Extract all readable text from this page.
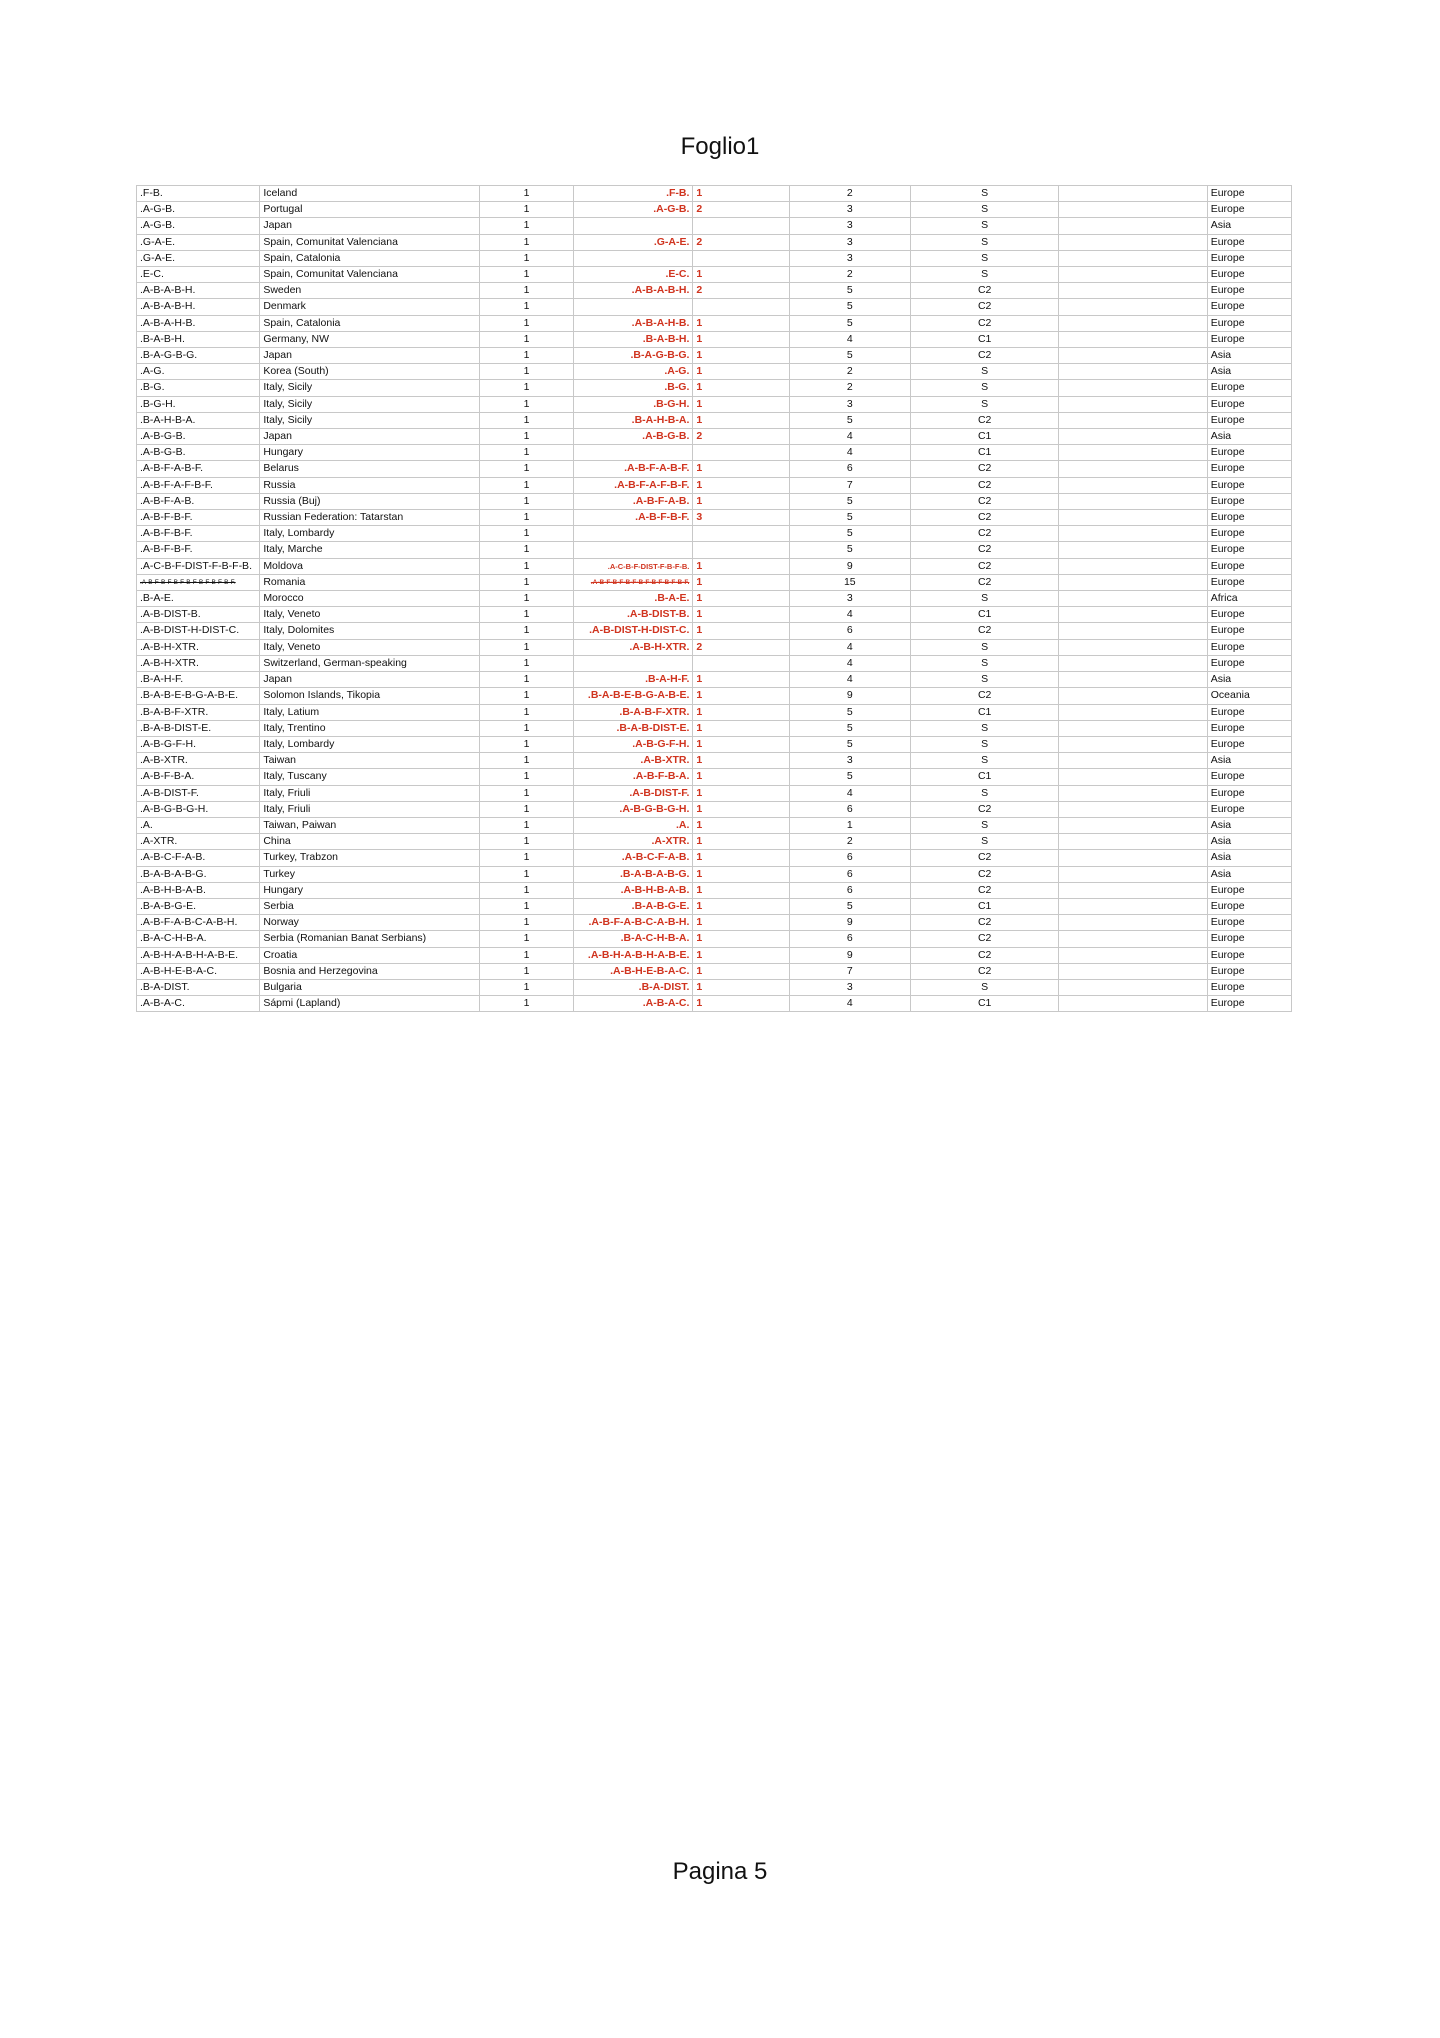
Foglio1
.F-B.	Iceland	1	.F-B.	1	2	S		Europe
.A-G-B.	Portugal	1	.A-G-B.	2	3	S		Europe
.A-G-B.	Japan	1			3	S		Asia
.G-A-E.	Spain, Comunitat Valenciana	1	.G-A-E.	2	3	S		Europe
.G-A-E.	Spain, Catalonia	1			3	S		Europe
.E-C.	Spain, Comunitat Valenciana	1	.E-C.	1	2	S		Europe
.A-B-A-B-H.	Sweden	1	.A-B-A-B-H.	2	5	C2		Europe
.A-B-A-B-H.	Denmark	1			5	C2		Europe
.A-B-A-H-B.	Spain, Catalonia	1	.A-B-A-H-B.	1	5	C2		Europe
.B-A-B-H.	Germany, NW	1	.B-A-B-H.	1	4	C1		Europe
.B-A-G-B-G.	Japan	1	.B-A-G-B-G.	1	5	C2		Asia
.A-G.	Korea (South)	1	.A-G.	1	2	S		Asia
.B-G.	Italy, Sicily	1	.B-G.	1	2	S		Europe
.B-G-H.	Italy, Sicily	1	.B-G-H.	1	3	S		Europe
.B-A-H-B-A.	Italy, Sicily	1	.B-A-H-B-A.	1	5	C2		Europe
.A-B-G-B.	Japan	1	.A-B-G-B.	2	4	C1		Asia
.A-B-G-B.	Hungary	1			4	C1		Europe
.A-B-F-A-B-F.	Belarus	1	.A-B-F-A-B-F.	1	6	C2		Europe
.A-B-F-A-F-B-F.	Russia	1	.A-B-F-A-F-B-F.	1	7	C2		Europe
.A-B-F-A-B.	Russia (Buj)	1	.A-B-F-A-B.	1	5	C2		Europe
.A-B-F-B-F.	Russian Federation: Tatarstan	1	.A-B-F-B-F.	3	5	C2		Europe
.A-B-F-B-F.	Italy, Lombardy	1			5	C2		Europe
.A-B-F-B-F.	Italy, Marche	1			5	C2		Europe
.A-C-B-F-DIST-F-B-F-B.	Moldova	1	.A-C-B-F-DIST-F-B-F-B.	1	9	C2		Europe
.A-B-F-B-F-B-F-B-F-B-F-B-F-B-F.	Romania	1	.A-B-F-B-F-B-F-B-F-B-F-B-F-B-F.	1	15	C2		Europe
.B-A-E.	Morocco	1	.B-A-E.	1	3	S		Africa
.A-B-DIST-B.	Italy, Veneto	1	.A-B-DIST-B.	1	4	C1		Europe
.A-B-DIST-H-DIST-C.	Italy, Dolomites	1	.A-B-DIST-H-DIST-C.	1	6	C2		Europe
.A-B-H-XTR.	Italy, Veneto	1	.A-B-H-XTR.	2	4	S		Europe
.A-B-H-XTR.	Switzerland, German-speaking	1			4	S		Europe
.B-A-H-F.	Japan	1	.B-A-H-F.	1	4	S		Asia
.B-A-B-E-B-G-A-B-E.	Solomon Islands, Tikopia	1	.B-A-B-E-B-G-A-B-E.	1	9	C2		Oceania
.B-A-B-F-XTR.	Italy, Latium	1	.B-A-B-F-XTR.	1	5	C1		Europe
.B-A-B-DIST-E.	Italy, Trentino	1	.B-A-B-DIST-E.	1	5	S		Europe
.A-B-G-F-H.	Italy, Lombardy	1	.A-B-G-F-H.	1	5	S		Europe
.A-B-XTR.	Taiwan	1	.A-B-XTR.	1	3	S		Asia
.A-B-F-B-A.	Italy, Tuscany	1	.A-B-F-B-A.	1	5	C1		Europe
.A-B-DIST-F.	Italy, Friuli	1	.A-B-DIST-F.	1	4	S		Europe
.A-B-G-B-G-H.	Italy, Friuli	1	.A-B-G-B-G-H.	1	6	C2		Europe
.A.	Taiwan, Paiwan	1	.A.	1	1	S		Asia
.A-XTR.	China	1	.A-XTR.	1	2	S		Asia
.A-B-C-F-A-B.	Turkey, Trabzon	1	.A-B-C-F-A-B.	1	6	C2		Asia
.B-A-B-A-B-G.	Turkey	1	.B-A-B-A-B-G.	1	6	C2		Asia
.A-B-H-B-A-B.	Hungary	1	.A-B-H-B-A-B.	1	6	C2		Europe
.B-A-B-G-E.	Serbia	1	.B-A-B-G-E.	1	5	C1		Europe
.A-B-F-A-B-C-A-B-H.	Norway	1	.A-B-F-A-B-C-A-B-H.	1	9	C2		Europe
.B-A-C-H-B-A.	Serbia (Romanian Banat Serbians)	1	.B-A-C-H-B-A.	1	6	C2		Europe
.A-B-H-A-B-H-A-B-E.	Croatia	1	.A-B-H-A-B-H-A-B-E.	1	9	C2		Europe
.A-B-H-E-B-A-C.	Bosnia and Herzegovina	1	.A-B-H-E-B-A-C.	1	7	C2		Europe
.B-A-DIST.	Bulgaria	1	.B-A-DIST.	1	3	S		Europe
.A-B-A-C.	Sápmi (Lapland)	1	.A-B-A-C.	1	4	C1		Europe
Pagina 5
